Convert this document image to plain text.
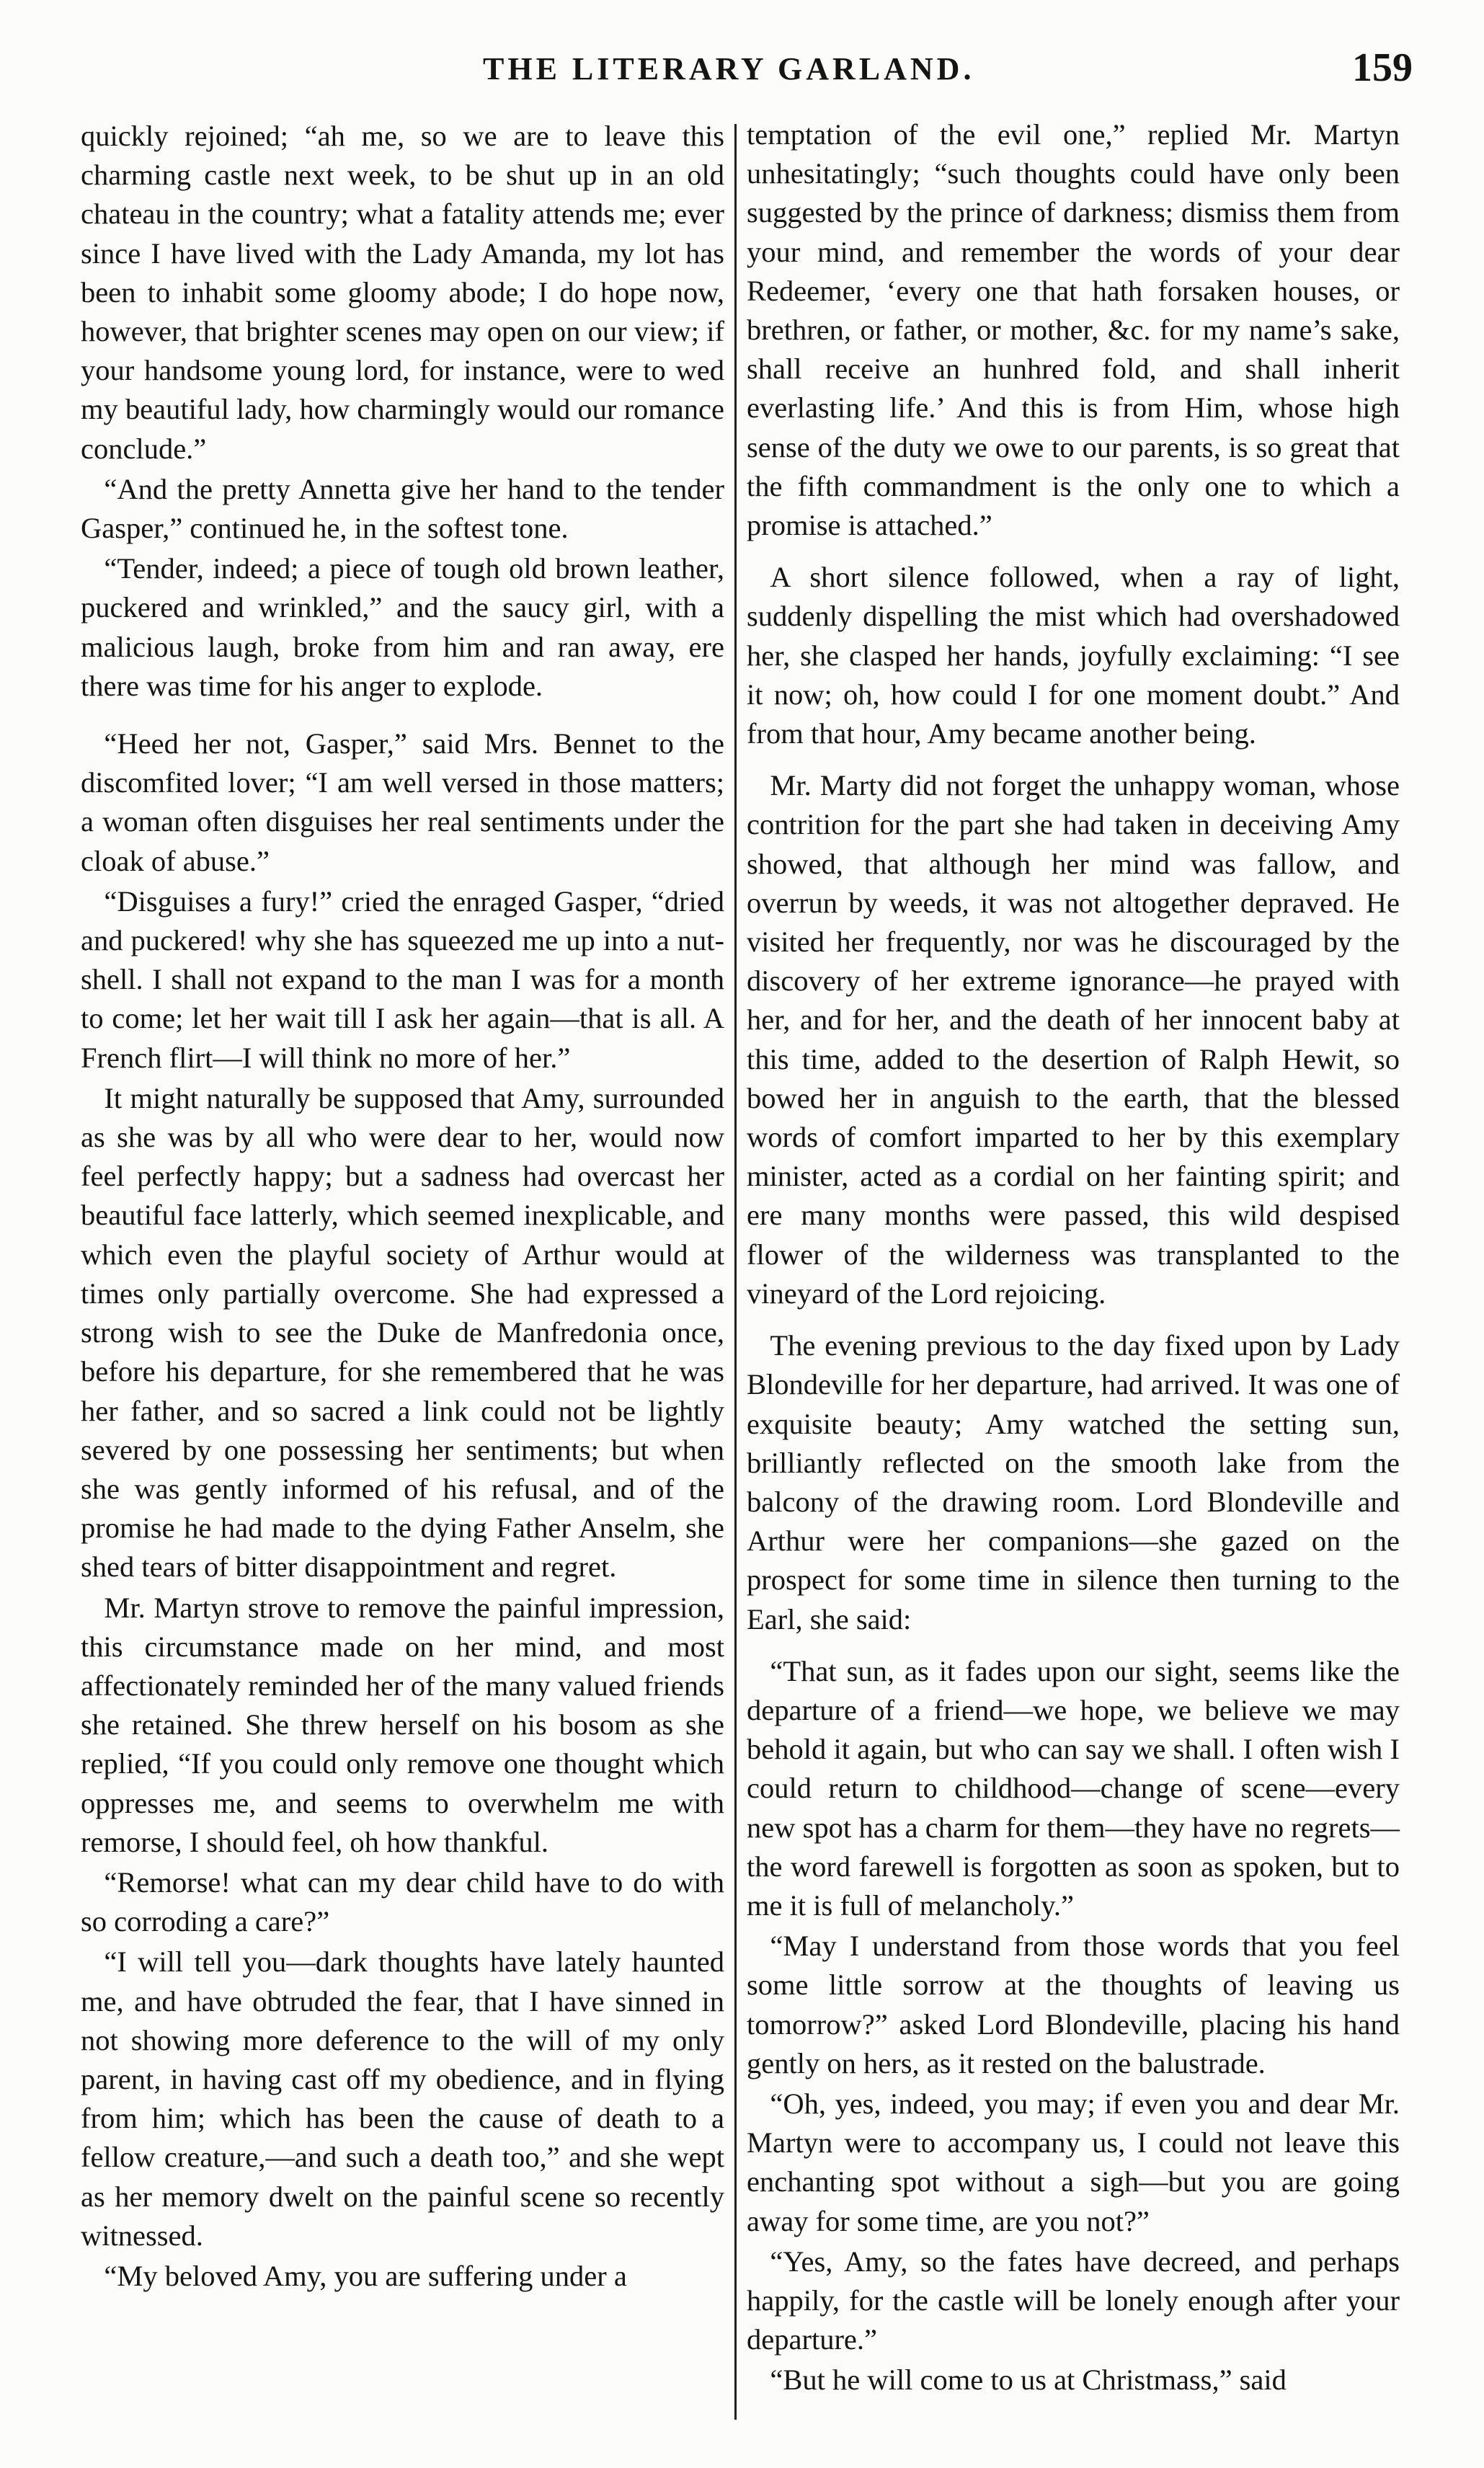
THE LITERARY GARLAND.	159

quickly rejoined; “ah me, so we are to leave this charming castle next week, to be shut up in an old chateau in the country; what a fatality attends me; ever since I have lived with the Lady Amanda, my lot has been to inhabit some gloomy abode; I do hope now, however, that brighter scenes may open on our view; if your handsome young lord, for instance, were to wed my beautiful lady, how charmingly would our romance conclude.”

“And the pretty Annetta give her hand to the tender Gasper,” continued he, in the softest tone.

“Tender, indeed; a piece of tough old brown leather, puckered and wrinkled,” and the saucy girl, with a malicious laugh, broke from him and ran away, ere there was time for his anger to explode.

“Heed her not, Gasper,” said Mrs. Bennet to the discomfited lover; “I am well versed in those matters; a woman often disguises her real sentiments under the cloak of abuse.”

“Disguises a fury!” cried the enraged Gasper, “dried and puckered! why she has squeezed me up into a nut-shell. I shall not expand to the man I was for a month to come; let her wait till I ask her again—that is all. A French flirt—I will think no more of her.”

It might naturally be supposed that Amy, surrounded as she was by all who were dear to her, would now feel perfectly happy; but a sadness had overcast her beautiful face latterly, which seemed inexplicable, and which even the playful society of Arthur would at times only partially overcome. She had expressed a strong wish to see the Duke de Manfredonia once, before his departure, for she remembered that he was her father, and so sacred a link could not be lightly severed by one possessing her sentiments; but when she was gently informed of his refusal, and of the promise he had made to the dying Father Anselm, she shed tears of bitter disappointment and regret.

Mr. Martyn strove to remove the painful impression, this circumstance made on her mind, and most affectionately reminded her of the many valued friends she retained. She threw herself on his bosom as she replied, “If you could only remove one thought which oppresses me, and seems to overwhelm me with remorse, I should feel, oh how thankful.

“Remorse! what can my dear child have to do with so corroding a care?”

“I will tell you—dark thoughts have lately haunted me, and have obtruded the fear, that I have sinned in not showing more deference to the will of my only parent, in having cast off my obedience, and in flying from him; which has been the cause of death to a fellow creature,—and such a death too,” and she wept as her memory dwelt on the painful scene so recently witnessed.

“My beloved Amy, you are suffering under a

temptation of the evil one,” replied Mr. Martyn unhesitatingly; “such thoughts could have only been suggested by the prince of darkness; dismiss them from your mind, and remember the words of your dear Redeemer, ‘every one that hath forsaken houses, or brethren, or father, or mother, &c. for my name’s sake, shall receive an hunhred fold, and shall inherit everlasting life.’ And this is from Him, whose high sense of the duty we owe to our parents, is so great that the fifth commandment is the only one to which a promise is attached.”

A short silence followed, when a ray of light, suddenly dispelling the mist which had overshadowed her, she clasped her hands, joyfully exclaiming: “I see it now; oh, how could I for one moment doubt.” And from that hour, Amy became another being.

Mr. Marty did not forget the unhappy woman, whose contrition for the part she had taken in deceiving Amy showed, that although her mind was fallow, and overrun by weeds, it was not altogether depraved. He visited her frequently, nor was he discouraged by the discovery of her extreme ignorance—he prayed with her, and for her, and the death of her innocent baby at this time, added to the desertion of Ralph Hewit, so bowed her in anguish to the earth, that the blessed words of comfort imparted to her by this exemplary minister, acted as a cordial on her fainting spirit; and ere many months were passed, this wild despised flower of the wilderness was transplanted to the vineyard of the Lord rejoicing.

The evening previous to the day fixed upon by Lady Blondeville for her departure, had arrived. It was one of exquisite beauty; Amy watched the setting sun, brilliantly reflected on the smooth lake from the balcony of the drawing room. Lord Blondeville and Arthur were her companions—she gazed on the prospect for some time in silence then turning to the Earl, she said:

“That sun, as it fades upon our sight, seems like the departure of a friend—we hope, we believe we may behold it again, but who can say we shall. I often wish I could return to childhood—change of scene—every new spot has a charm for them—they have no regrets—the word farewell is forgotten as soon as spoken, but to me it is full of melancholy.”

“May I understand from those words that you feel some little sorrow at the thoughts of leaving us tomorrow?” asked Lord Blondeville, placing his hand gently on hers, as it rested on the balustrade.

“Oh, yes, indeed, you may; if even you and dear Mr. Martyn were to accompany us, I could not leave this enchanting spot without a sigh—but you are going away for some time, are you not?”

“Yes, Amy, so the fates have decreed, and perhaps happily, for the castle will be lonely enough after your departure.”

“But he will come to us at Christmass,” said
